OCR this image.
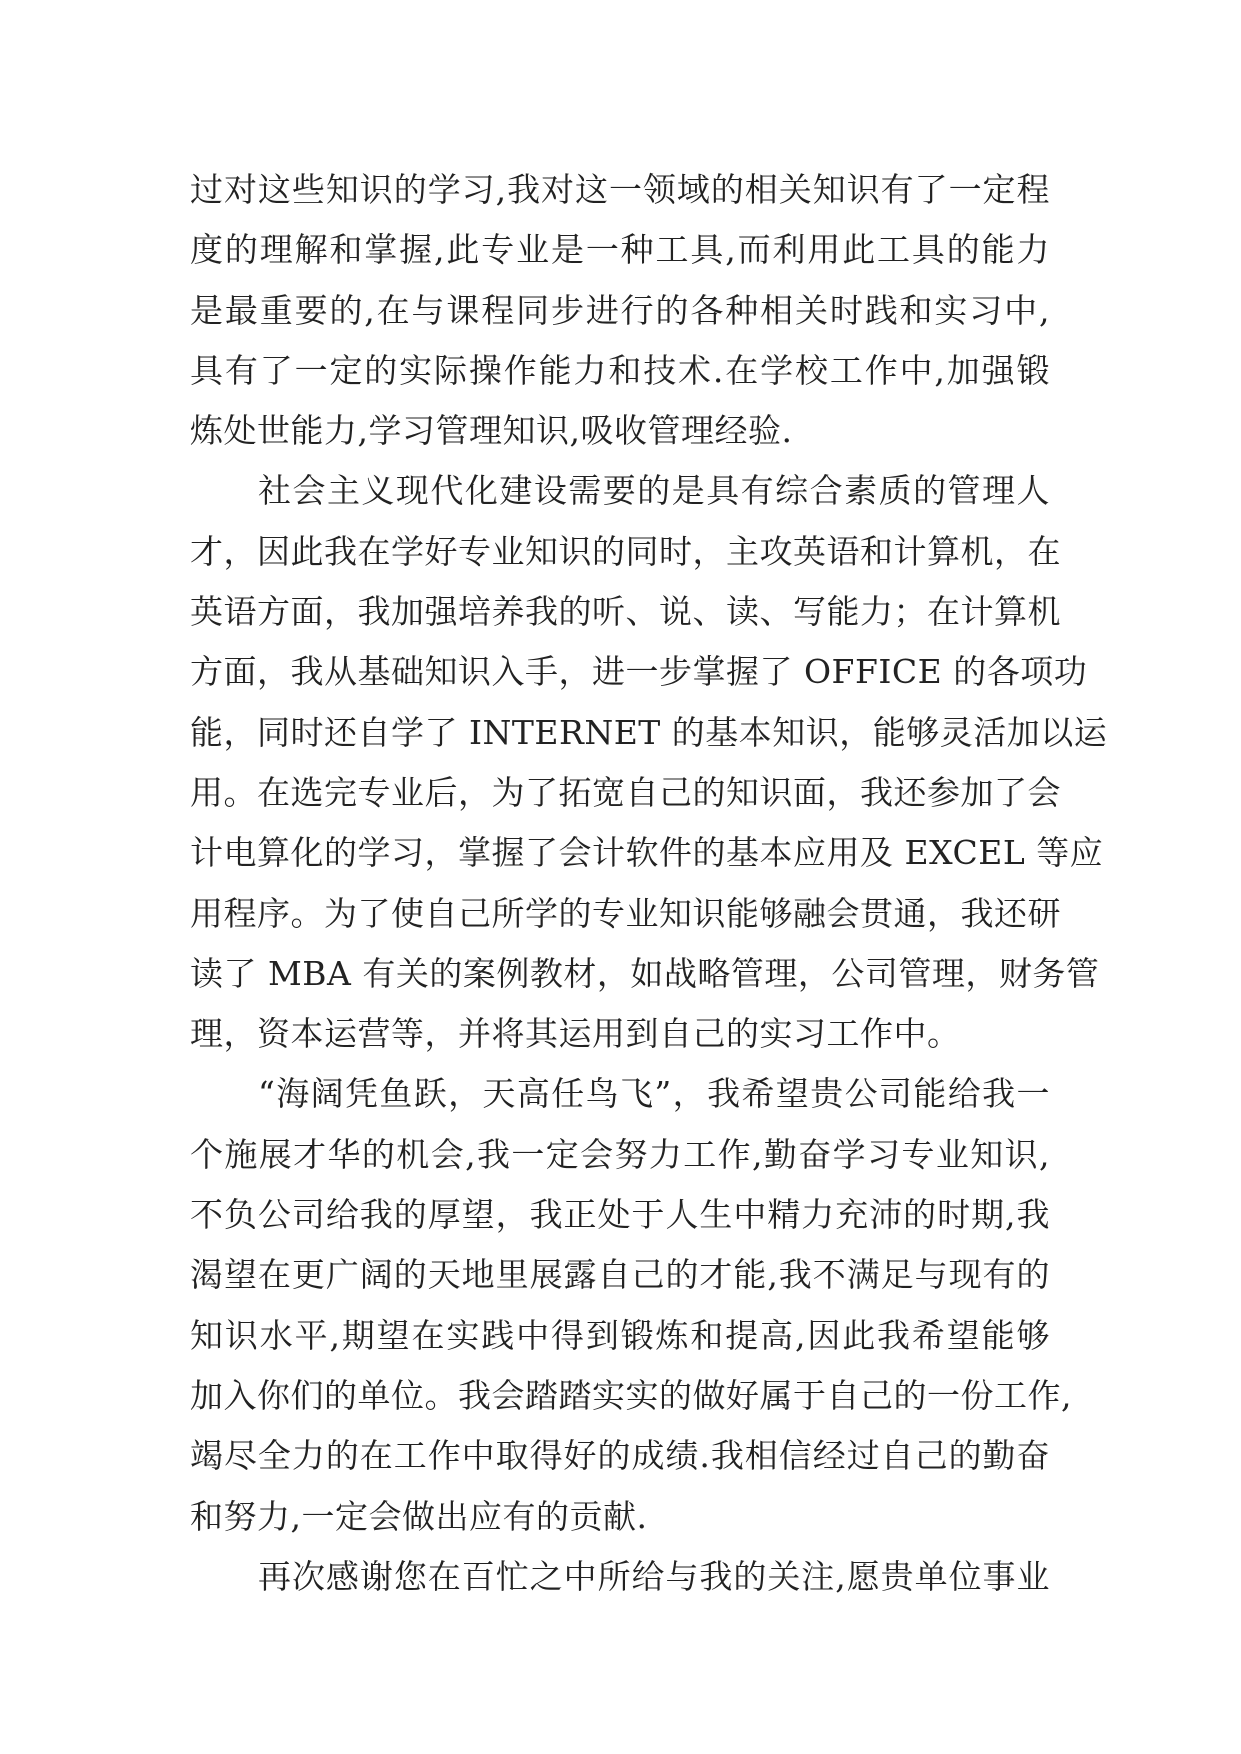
过对这些知识的学习,我对这一领域的相关知识有了一定程
度的理解和掌握,此专业是一种工具,而利用此工具的能力
是最重要的,在与课程同步进行的各种相关时践和实习中,
具有了一定的实际操作能力和技术.在学校工作中,加强锻
炼处世能力,学习管理知识,吸收管理经验.
社会主义现代化建设需要的是具有综合素质的管理人
才，因此我在学好专业知识的同时，主攻英语和计算机，在
英语方面，我加强培养我的听、说、读、写能力；在计算机
方面，我从基础知识入手，进一步掌握了 OFFICE 的各项功
能，同时还自学了 INTERNET 的基本知识，能够灵活加以运
用。在选完专业后，为了拓宽自己的知识面，我还参加了会
计电算化的学习，掌握了会计软件的基本应用及 EXCEL 等应
用程序。为了使自己所学的专业知识能够融会贯通，我还研
读了 MBA 有关的案例教材，如战略管理，公司管理，财务管
理，资本运营等，并将其运用到自己的实习工作中。
“海阔凭鱼跃，天高任鸟飞”，我希望贵公司能给我一
个施展才华的机会,我一定会努力工作,勤奋学习专业知识,
不负公司给我的厚望，我正处于人生中精力充沛的时期,我
渴望在更广阔的天地里展露自己的才能,我不满足与现有的
知识水平,期望在实践中得到锻炼和提高,因此我希望能够
加入你们的单位。我会踏踏实实的做好属于自己的一份工作,
竭尽全力的在工作中取得好的成绩.我相信经过自己的勤奋
和努力,一定会做出应有的贡献.
再次感谢您在百忙之中所给与我的关注,愿贵单位事业
